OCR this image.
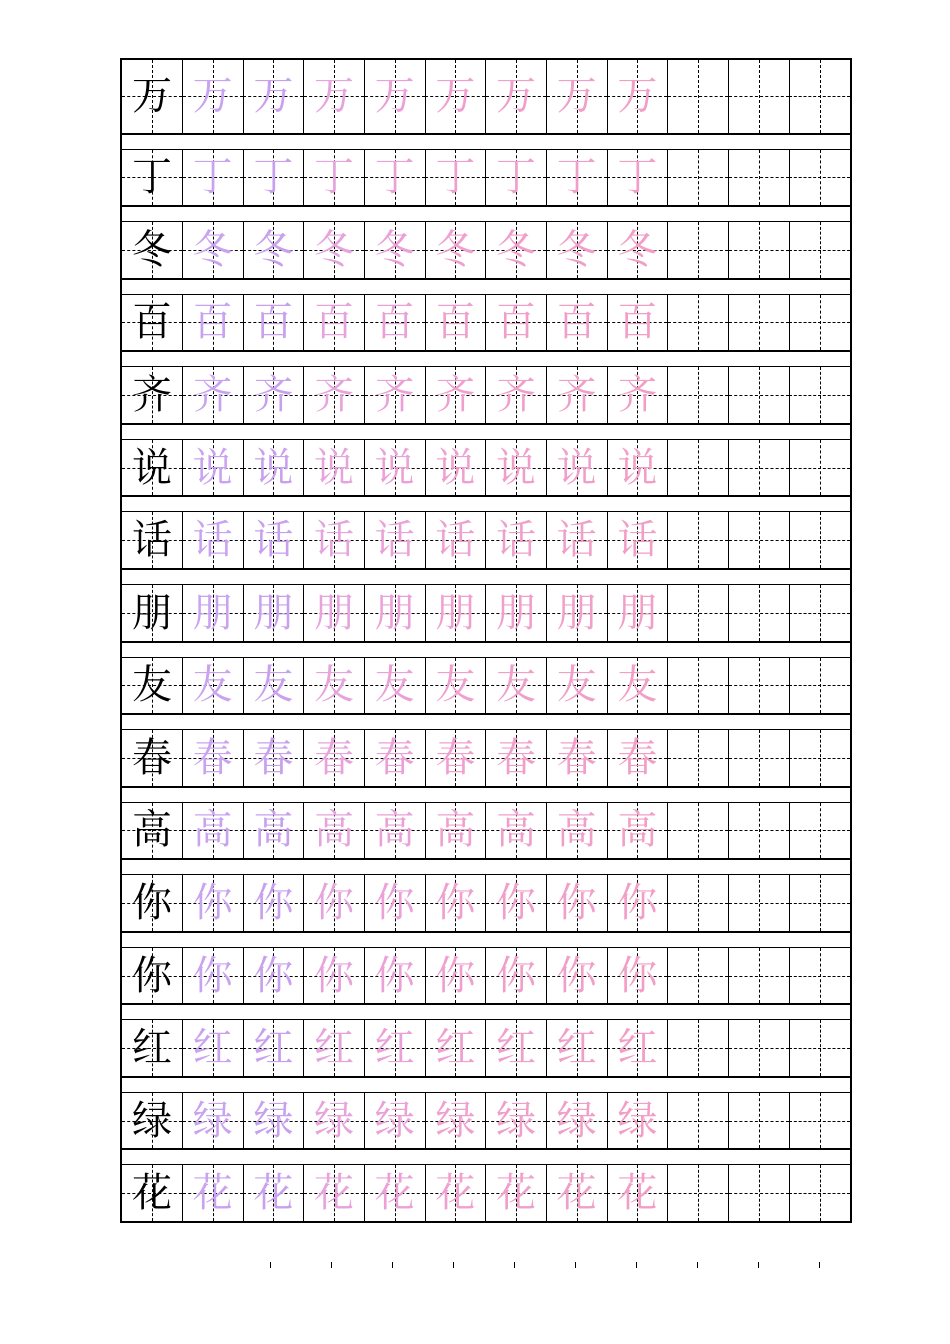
万 万 万 万 万 万 万 万 万
丁 丁 丁 丁 丁 丁 丁 丁 丁
冬 冬 冬 冬 冬 冬 冬 冬 冬
百 百 百 百 百 百 百 百 百
齐 齐 齐 齐 齐 齐 齐 齐 齐
说 说 说 说 说 说 说 说 说
话 话 话 话 话 话 话 话 话
朋 朋 朋 朋 朋 朋 朋 朋 朋
友 友 友 友 友 友 友 友 友
春 春 春 春 春 春 春 春 春
高 高 高 高 高 高 高 高 高
你 你 你 你 你 你 你 你 你
你 你 你 你 你 你 你 你 你
红 红 红 红 红 红 红 红 红
绿 绿 绿 绿 绿 绿 绿 绿 绿
花 花 花 花 花 花 花 花 花
